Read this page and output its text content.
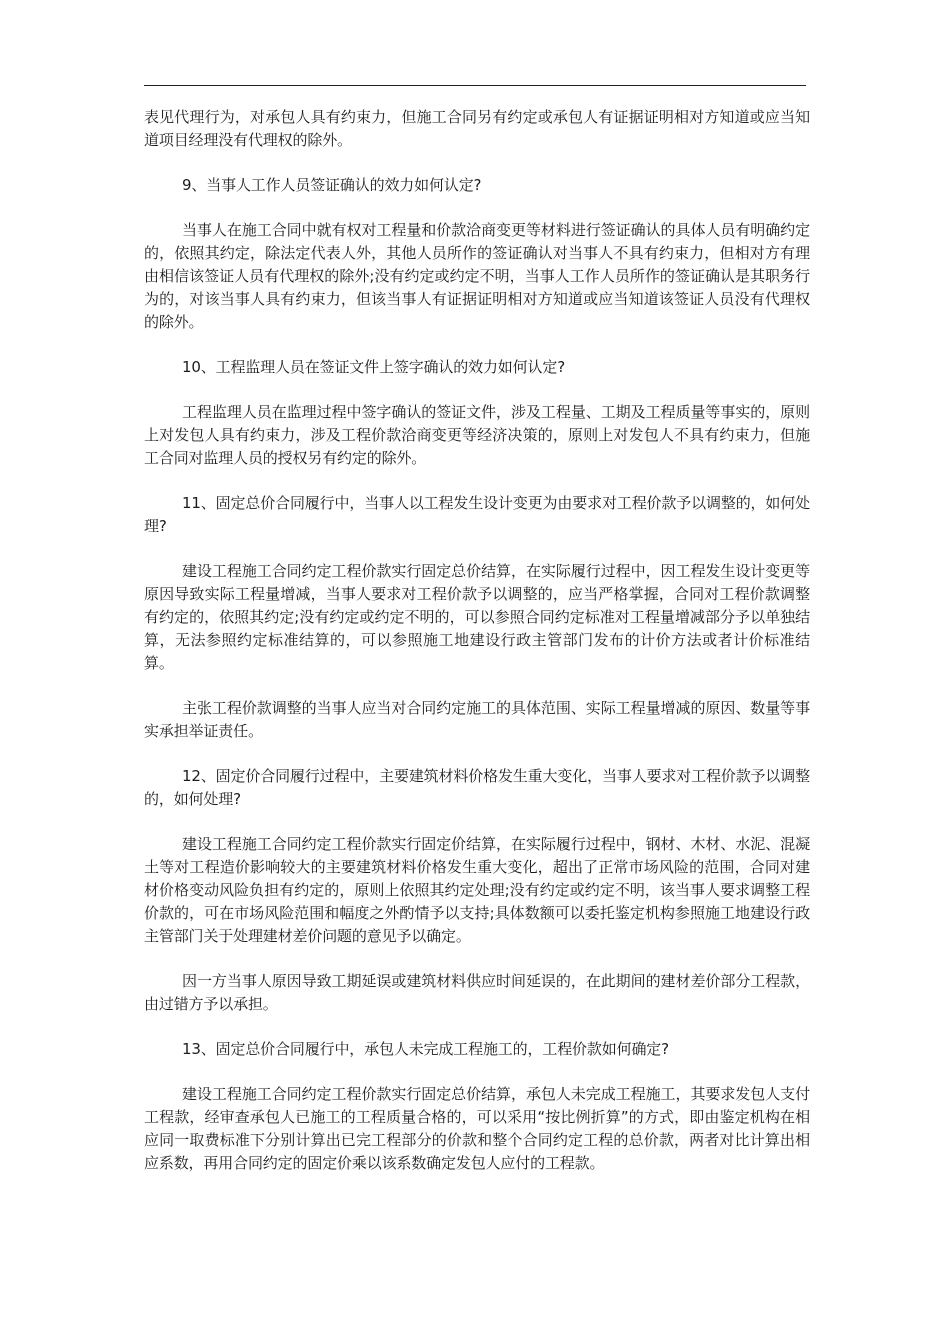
表见代理行为，对承包人具有约束力，但施工合同另有约定或承包人有证据证明相对方知道或应当知道项目经理没有代理权的除外。

9、当事人工作人员签证确认的效力如何认定?

当事人在施工合同中就有权对工程量和价款洽商变更等材料进行签证确认的具体人员有明确约定的，依照其约定，除法定代表人外，其他人员所作的签证确认对当事人不具有约束力，但相对方有理由相信该签证人员有代理权的除外;没有约定或约定不明，当事人工作人员所作的签证确认是其职务行为的，对该当事人具有约束力，但该当事人有证据证明相对方知道或应当知道该签证人员没有代理权的除外。

10、工程监理人员在签证文件上签字确认的效力如何认定?

工程监理人员在监理过程中签字确认的签证文件，涉及工程量、工期及工程质量等事实的，原则上对发包人具有约束力，涉及工程价款洽商变更等经济决策的，原则上对发包人不具有约束力，但施工合同对监理人员的授权另有约定的除外。

11、固定总价合同履行中，当事人以工程发生设计变更为由要求对工程价款予以调整的，如何处理?

建设工程施工合同约定工程价款实行固定总价结算，在实际履行过程中，因工程发生设计变更等原因导致实际工程量增减，当事人要求对工程价款予以调整的，应当严格掌握，合同对工程价款调整有约定的，依照其约定;没有约定或约定不明的，可以参照合同约定标准对工程量增减部分予以单独结算，无法参照约定标准结算的，可以参照施工地建设行政主管部门发布的计价方法或者计价标准结算。

主张工程价款调整的当事人应当对合同约定施工的具体范围、实际工程量增减的原因、数量等事实承担举证责任。

12、固定价合同履行过程中，主要建筑材料价格发生重大变化，当事人要求对工程价款予以调整的，如何处理?

建设工程施工合同约定工程价款实行固定价结算，在实际履行过程中，钢材、木材、水泥、混凝土等对工程造价影响较大的主要建筑材料价格发生重大变化，超出了正常市场风险的范围，合同对建材价格变动风险负担有约定的，原则上依照其约定处理;没有约定或约定不明，该当事人要求调整工程价款的，可在市场风险范围和幅度之外酌情予以支持;具体数额可以委托鉴定机构参照施工地建设行政主管部门关于处理建材差价问题的意见予以确定。

因一方当事人原因导致工期延误或建筑材料供应时间延误的，在此期间的建材差价部分工程款，由过错方予以承担。

13、固定总价合同履行中，承包人未完成工程施工的，工程价款如何确定?

建设工程施工合同约定工程价款实行固定总价结算，承包人未完成工程施工，其要求发包人支付工程款，经审查承包人已施工的工程质量合格的，可以采用“按比例折算”的方式，即由鉴定机构在相应同一取费标准下分别计算出已完工程部分的价款和整个合同约定工程的总价款，两者对比计算出相应系数，再用合同约定的固定价乘以该系数确定发包人应付的工程款。
